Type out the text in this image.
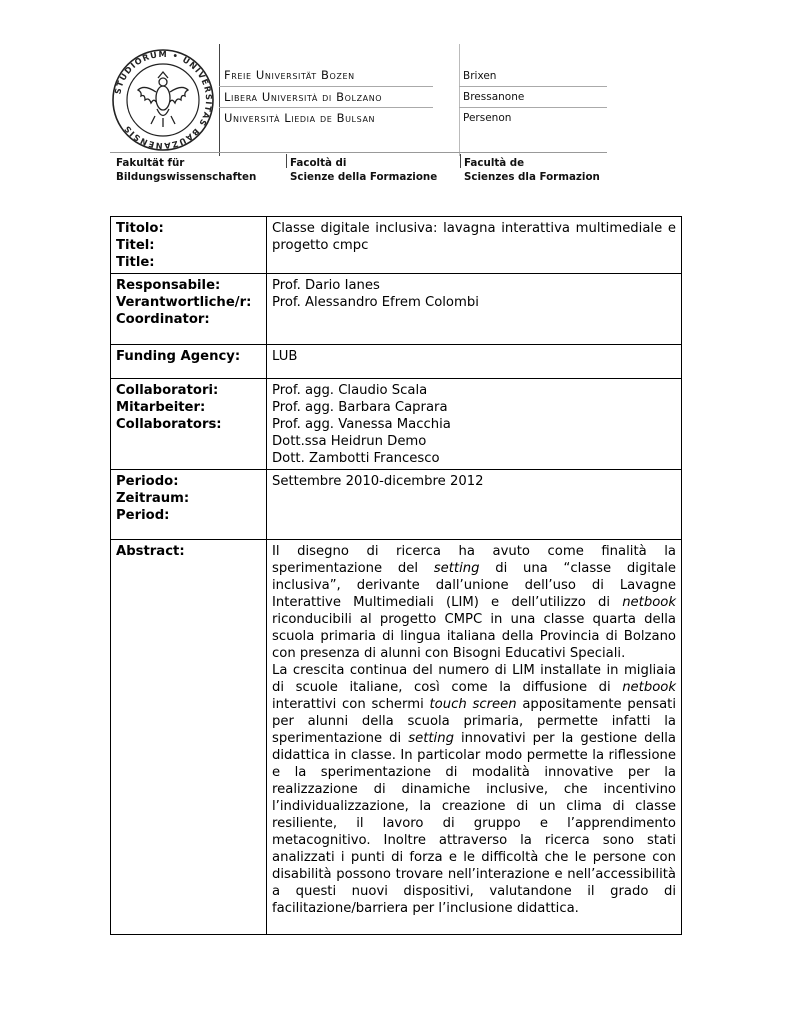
STUDIORUM • UNIVERSITAS BAUZANENSIS
Freie Universität Bozen
Libera Università di Bolzano
Università Liedia de Bulsan
Brixen
Bressanone
Persenon
Fakultät für
Bildungswissenschaften
Facoltà di
Scienze della Formazione
Facultà de
Scienzes dla Formazion
Titolo:
Titel:
Title:	Classe digitale inclusiva: lavagna interattiva multimediale e progetto cmpc

Responsabile:
Verantwortliche/r:
Coordinator:	Prof. Dario Ianes
Prof. Alessandro Efrem Colombi

Funding Agency:	LUB

Collaboratori:
Mitarbeiter:
Collaborators:	Prof. agg. Claudio Scala
Prof. agg. Barbara Caprara
Prof. agg. Vanessa Macchia
Dott.ssa Heidrun Demo
Dott. Zambotti Francesco

Periodo:
Zeitraum:
Period:	Settembre 2010-dicembre 2012

Abstract:	Il disegno di ricerca ha avuto come finalità la sperimentazione del setting di una “classe digitale inclusiva”, derivante dall’unione dell’uso di Lavagne Interattive Multimediali (LIM) e dell’utilizzo di netbook riconducibili al progetto CMPC in una classe quarta della scuola primaria di lingua italiana della Provincia di Bolzano con presenza di alunni con Bisogni Educativi Speciali.

La crescita continua del numero di LIM installate in migliaia di scuole italiane, così come la diffusione di netbook interattivi con schermi touch screen appositamente pensati per alunni della scuola primaria, permette infatti la sperimentazione di setting innovativi per la gestione della didattica in classe. In particolar modo permette la riflessione e la sperimentazione di modalità innovative per la realizzazione di dinamiche inclusive, che incentivino l’individualizzazione, la creazione di un clima di classe resiliente, il lavoro di gruppo e l’apprendimento metacognitivo. Inoltre attraverso la ricerca sono stati analizzati i punti di forza e le difficoltà che le persone con disabilità possono trovare nell’interazione e nell’accessibilità a questi nuovi dispositivi, valutandone il grado di facilitazione/barriera per l’inclusione didattica.
